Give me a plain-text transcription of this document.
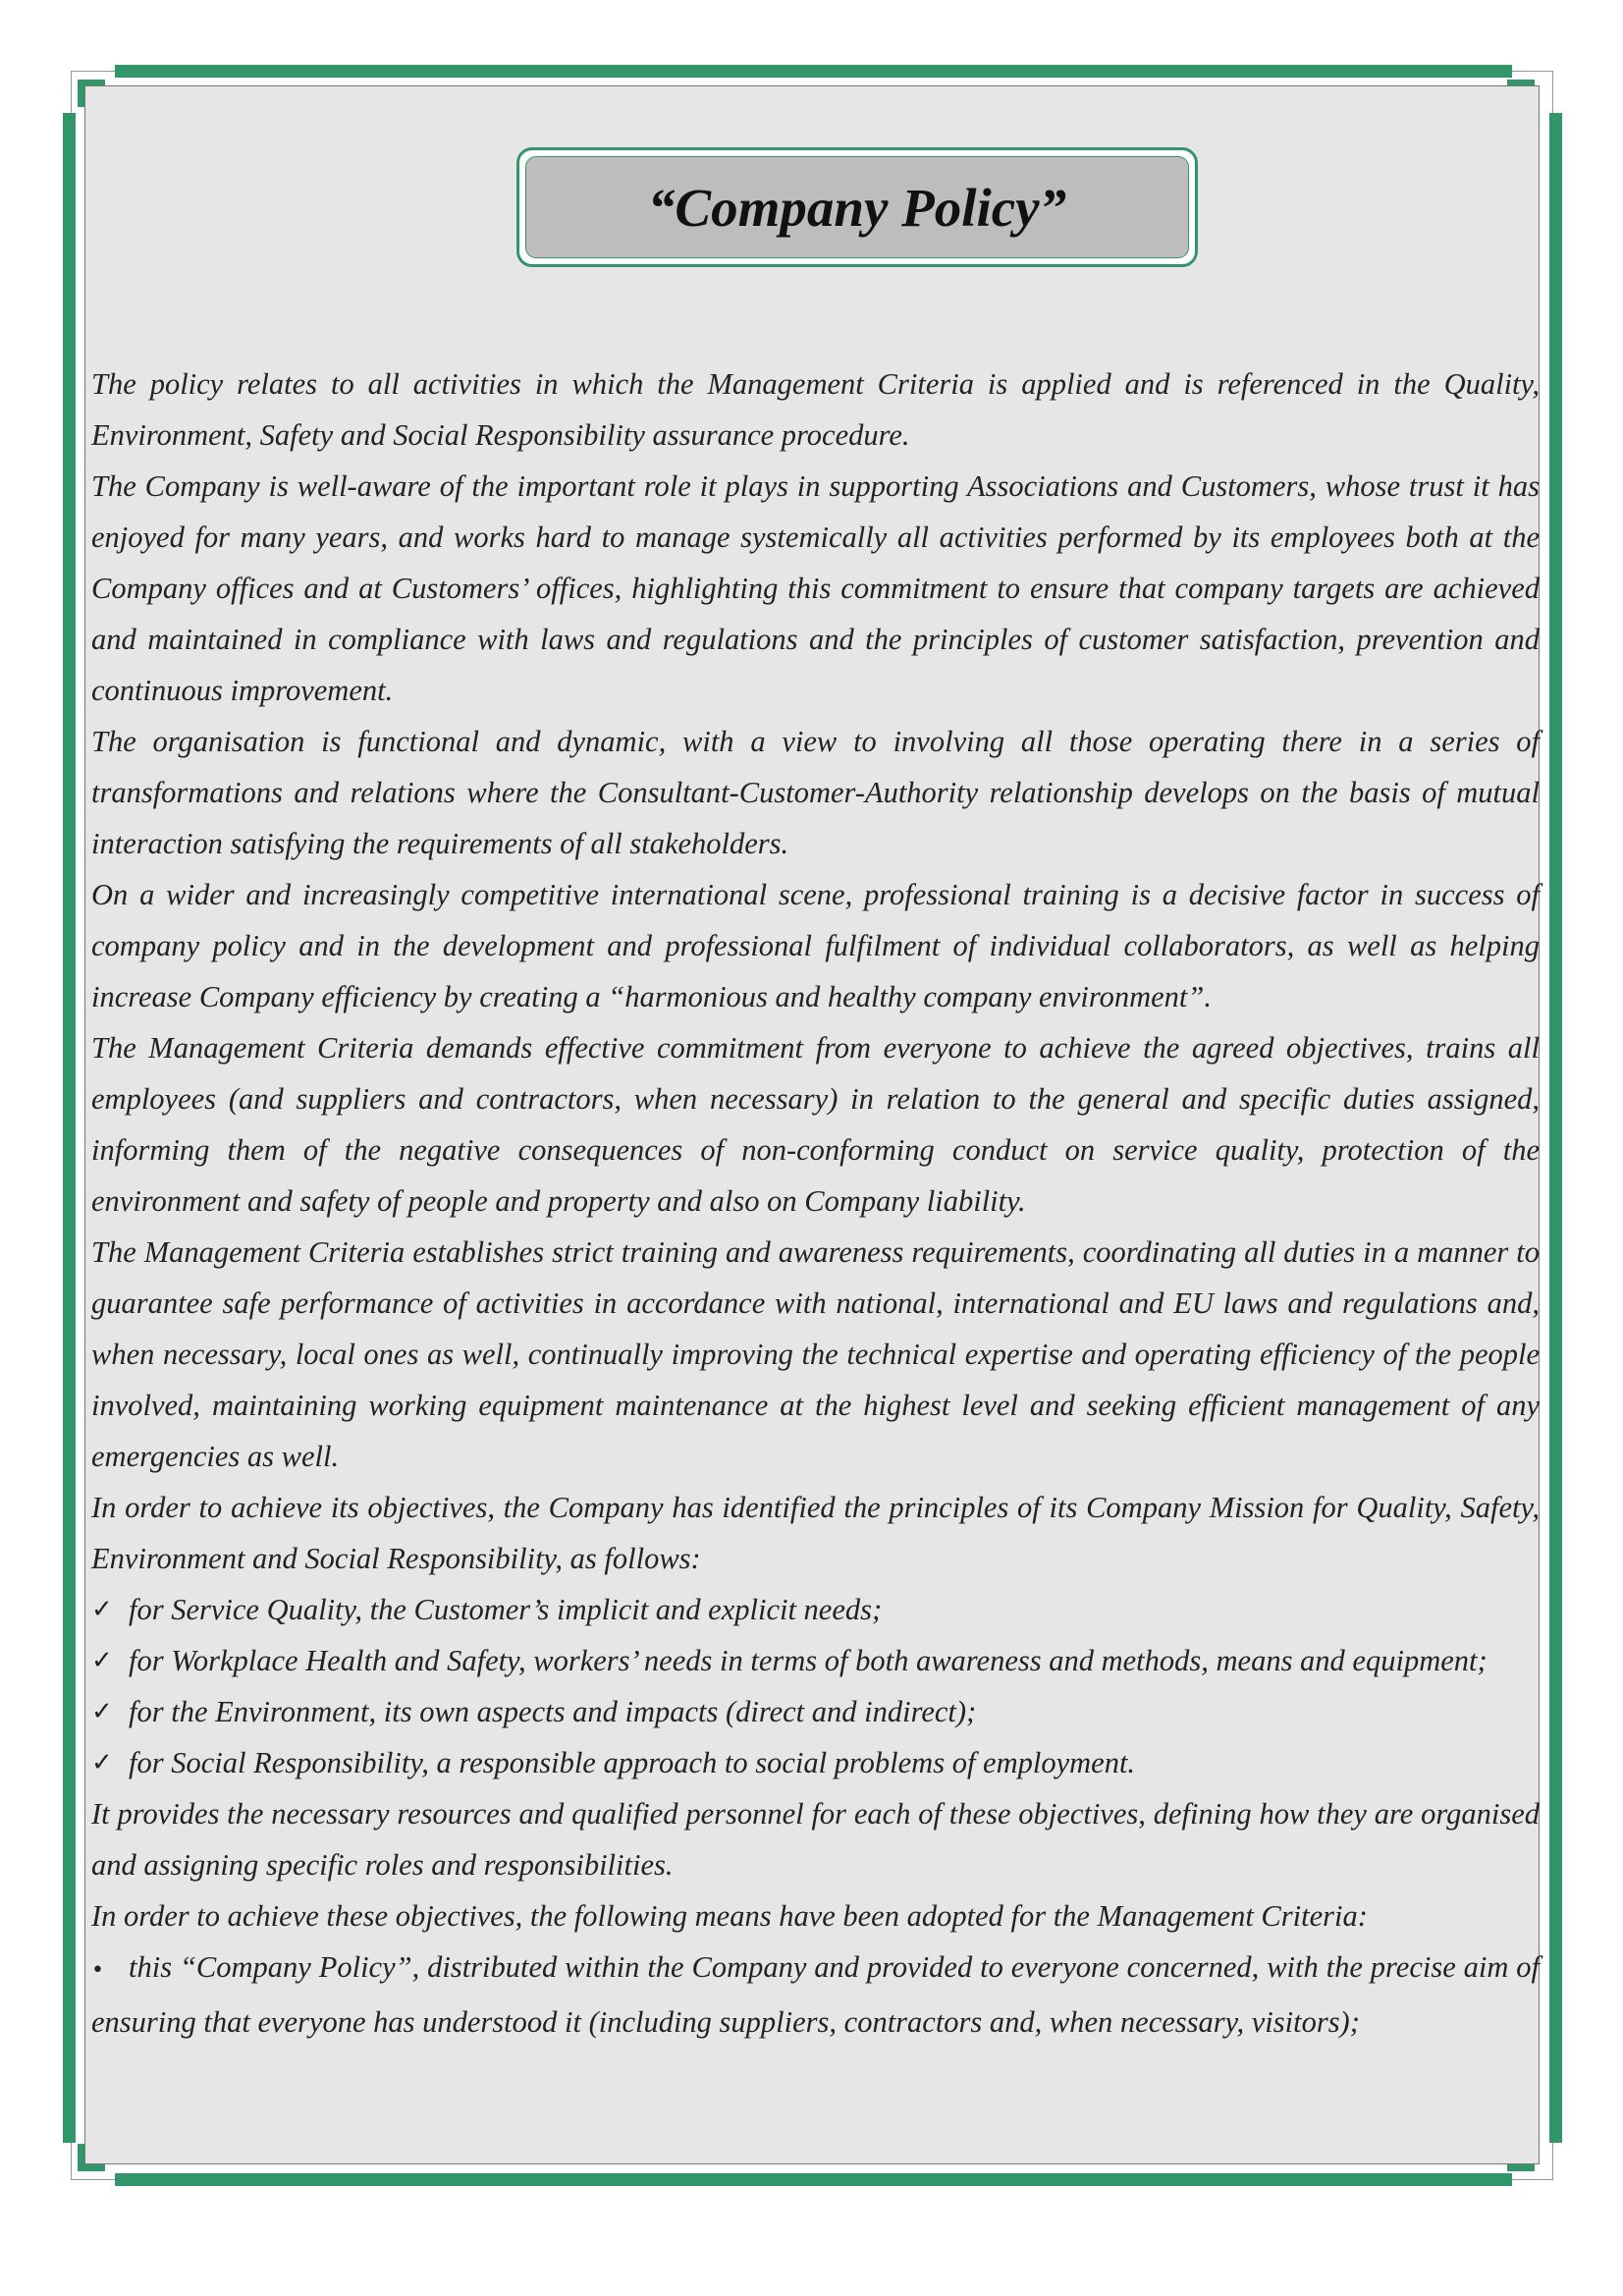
“Company Policy”

The policy relates to all activities in which the Management Criteria is applied and is referenced in the Quality, Environment, Safety and Social Responsibility assurance procedure.

The Company is well-aware of the important role it plays in supporting Associations and Customers, whose trust it has enjoyed for many years, and works hard to manage systemically all activities performed by its employees both at the Company offices and at Customers’ offices, highlighting this commitment to ensure that company targets are achieved and maintained in compliance with laws and regulations and the principles of customer satisfaction, prevention and continuous improvement.

The organisation is functional and dynamic, with a view to involving all those operating there in a series of transformations and relations where the Consultant-Customer-Authority relationship develops on the basis of mutual interaction satisfying the requirements of all stakeholders.

On a wider and increasingly competitive international scene, professional training is a decisive factor in success of company policy and in the development and professional fulfilment of individual collaborators, as well as helping increase Company efficiency by creating a “harmonious and healthy company environment”.

The Management Criteria demands effective commitment from everyone to achieve the agreed objectives, trains all employees (and suppliers and contractors, when necessary) in relation to the general and specific duties assigned, informing them of the negative consequences of non-conforming conduct on service quality, protection of the environment and safety of people and property and also on Company liability.

The Management Criteria establishes strict training and awareness requirements, coordinating all duties in a manner to guarantee safe performance of activities in accordance with national, international and EU laws and regulations and, when necessary, local ones as well, continually improving the technical expertise and operating efficiency of the people involved, maintaining working equipment maintenance at the highest level and seeking efficient management of any emergencies as well.

In order to achieve its objectives, the Company has identified the principles of its Company Mission for Quality, Safety, Environment and Social Responsibility, as follows:

✓ for Service Quality, the Customer’s implicit and explicit needs;
✓ for Workplace Health and Safety, workers’ needs in terms of both awareness and methods, means and equipment;
✓ for the Environment, its own aspects and impacts (direct and indirect);
✓ for Social Responsibility, a responsible approach to social problems of employment.

It provides the necessary resources and qualified personnel for each of these objectives, defining how they are organised and assigning specific roles and responsibilities.

In order to achieve these objectives, the following means have been adopted for the Management Criteria:

• this “Company Policy”, distributed within the Company and provided to everyone concerned, with the precise aim of ensuring that everyone has understood it (including suppliers, contractors and, when necessary, visitors);
